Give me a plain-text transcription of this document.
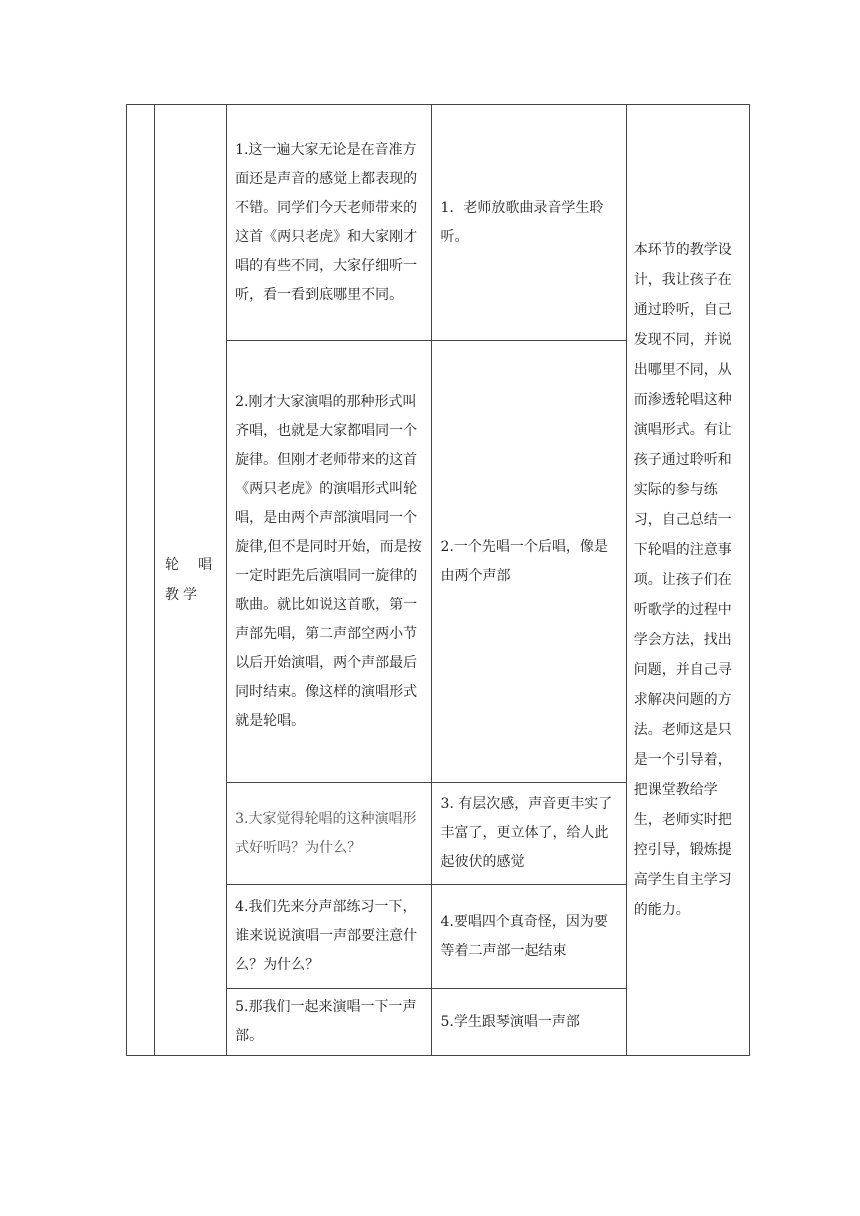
	轮唱教学	1.这一遍大家无论是在音准方面还是声音的感觉上都表现的不错。同学们今天老师带来的这首《两只老虎》和大家刚才唱的有些不同，大家仔细听一听，看一看到底哪里不同。	1．老师放歌曲录音学生聆听。	本环节的教学设计，我让孩子在通过聆听，自己发现不同，并说出哪里不同，从而渗透轮唱这种演唱形式。有让孩子通过聆听和实际的参与练习，自己总结一下轮唱的注意事项。让孩子们在听歌学的过程中学会方法，找出问题，并自己寻求解决问题的方法。老师这是只是一个引导着，把课堂教给学生，老师实时把控引导，锻炼提高学生自主学习的能力。

		2.刚才大家演唱的那种形式叫齐唱，也就是大家都唱同一个旋律。但刚才老师带来的这首《两只老虎》的演唱形式叫轮唱，是由两个声部演唱同一个旋律,但不是同时开始，而是按一定时距先后演唱同一旋律的歌曲。就比如说这首歌，第一声部先唱，第二声部空两小节以后开始演唱，两个声部最后同时结束。像这样的演唱形式就是轮唱。	2.一个先唱一个后唱，像是由两个声部	

		3.大家觉得轮唱的这种演唱形式好听吗？为什么？	3. 有层次感，声音更丰实了丰富了，更立体了，给人此起彼伏的感觉	

		4.我们先来分声部练习一下，谁来说说演唱一声部要注意什么？为什么？	4.要唱四个真奇怪，因为要等着二声部一起结束	

		5.那我们一起来演唱一下一声部。	5.学生跟琴演唱一声部	
